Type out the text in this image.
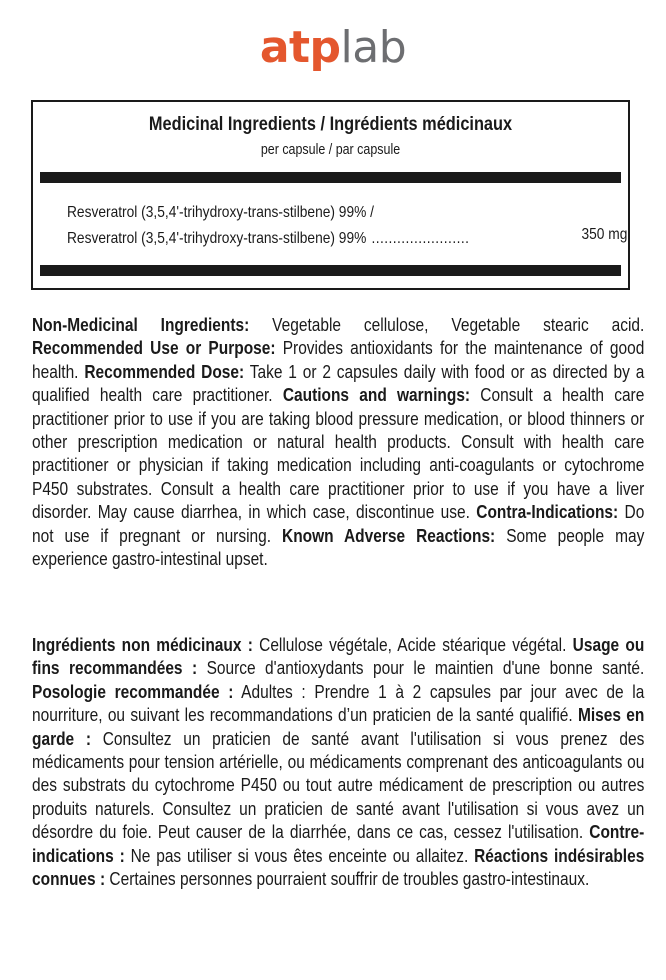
atplab
Medicinal Ingredients / Ingrédients médicinaux
per capsule / par capsule
Resveratrol (3,5,4'-trihydroxy-trans-stilbene) 99% /
Resveratrol (3,5,4'-trihydroxy-trans-stilbene) 99% .......................	350 mg
Non-Medicinal Ingredients: Vegetable cellulose, Vegetable stearic acid. Recommended Use or Purpose: Provides antioxidants for the maintenance of good health. Recommended Dose: Take 1 or 2 capsules daily with food or as directed by a qualified health care practitioner. Cautions and warnings: Consult a health care practitioner prior to use if you are taking blood pressure medication, or blood thinners or other prescription medication or natural health products. Consult with health care practitioner or physician if taking medication including anti-coagulants or cytochrome P450 substrates. Consult a health care practitioner prior to use if you have a liver disorder. May cause diarrhea, in which case, discontinue use. Contra-Indications: Do not use if pregnant or nursing. Known Adverse Reactions: Some people may experience gastro-intestinal upset.
Ingrédients non médicinaux : Cellulose végétale, Acide stéarique végétal. Usage ou fins recommandées : Source d'antioxydants pour le maintien d'une bonne santé. Posologie recommandée : Adultes : Prendre 1 à 2 capsules par jour avec de la nourriture, ou suivant les recommandations d’un praticien de la santé qualifié. Mises en garde : Consultez un praticien de santé avant l'utilisation si vous prenez des médicaments pour tension artérielle, ou médicaments comprenant des anticoagulants ou des substrats du cytochrome P450 ou tout autre médicament de prescription ou autres produits naturels. Consultez un praticien de santé avant l'utilisation si vous avez un désordre du foie. Peut causer de la diarrhée, dans ce cas, cessez l'utilisation. Contre-indications : Ne pas utiliser si vous êtes enceinte ou allaitez. Réactions indésirables connues : Certaines personnes pourraient souffrir de troubles gastro-intestinaux.
